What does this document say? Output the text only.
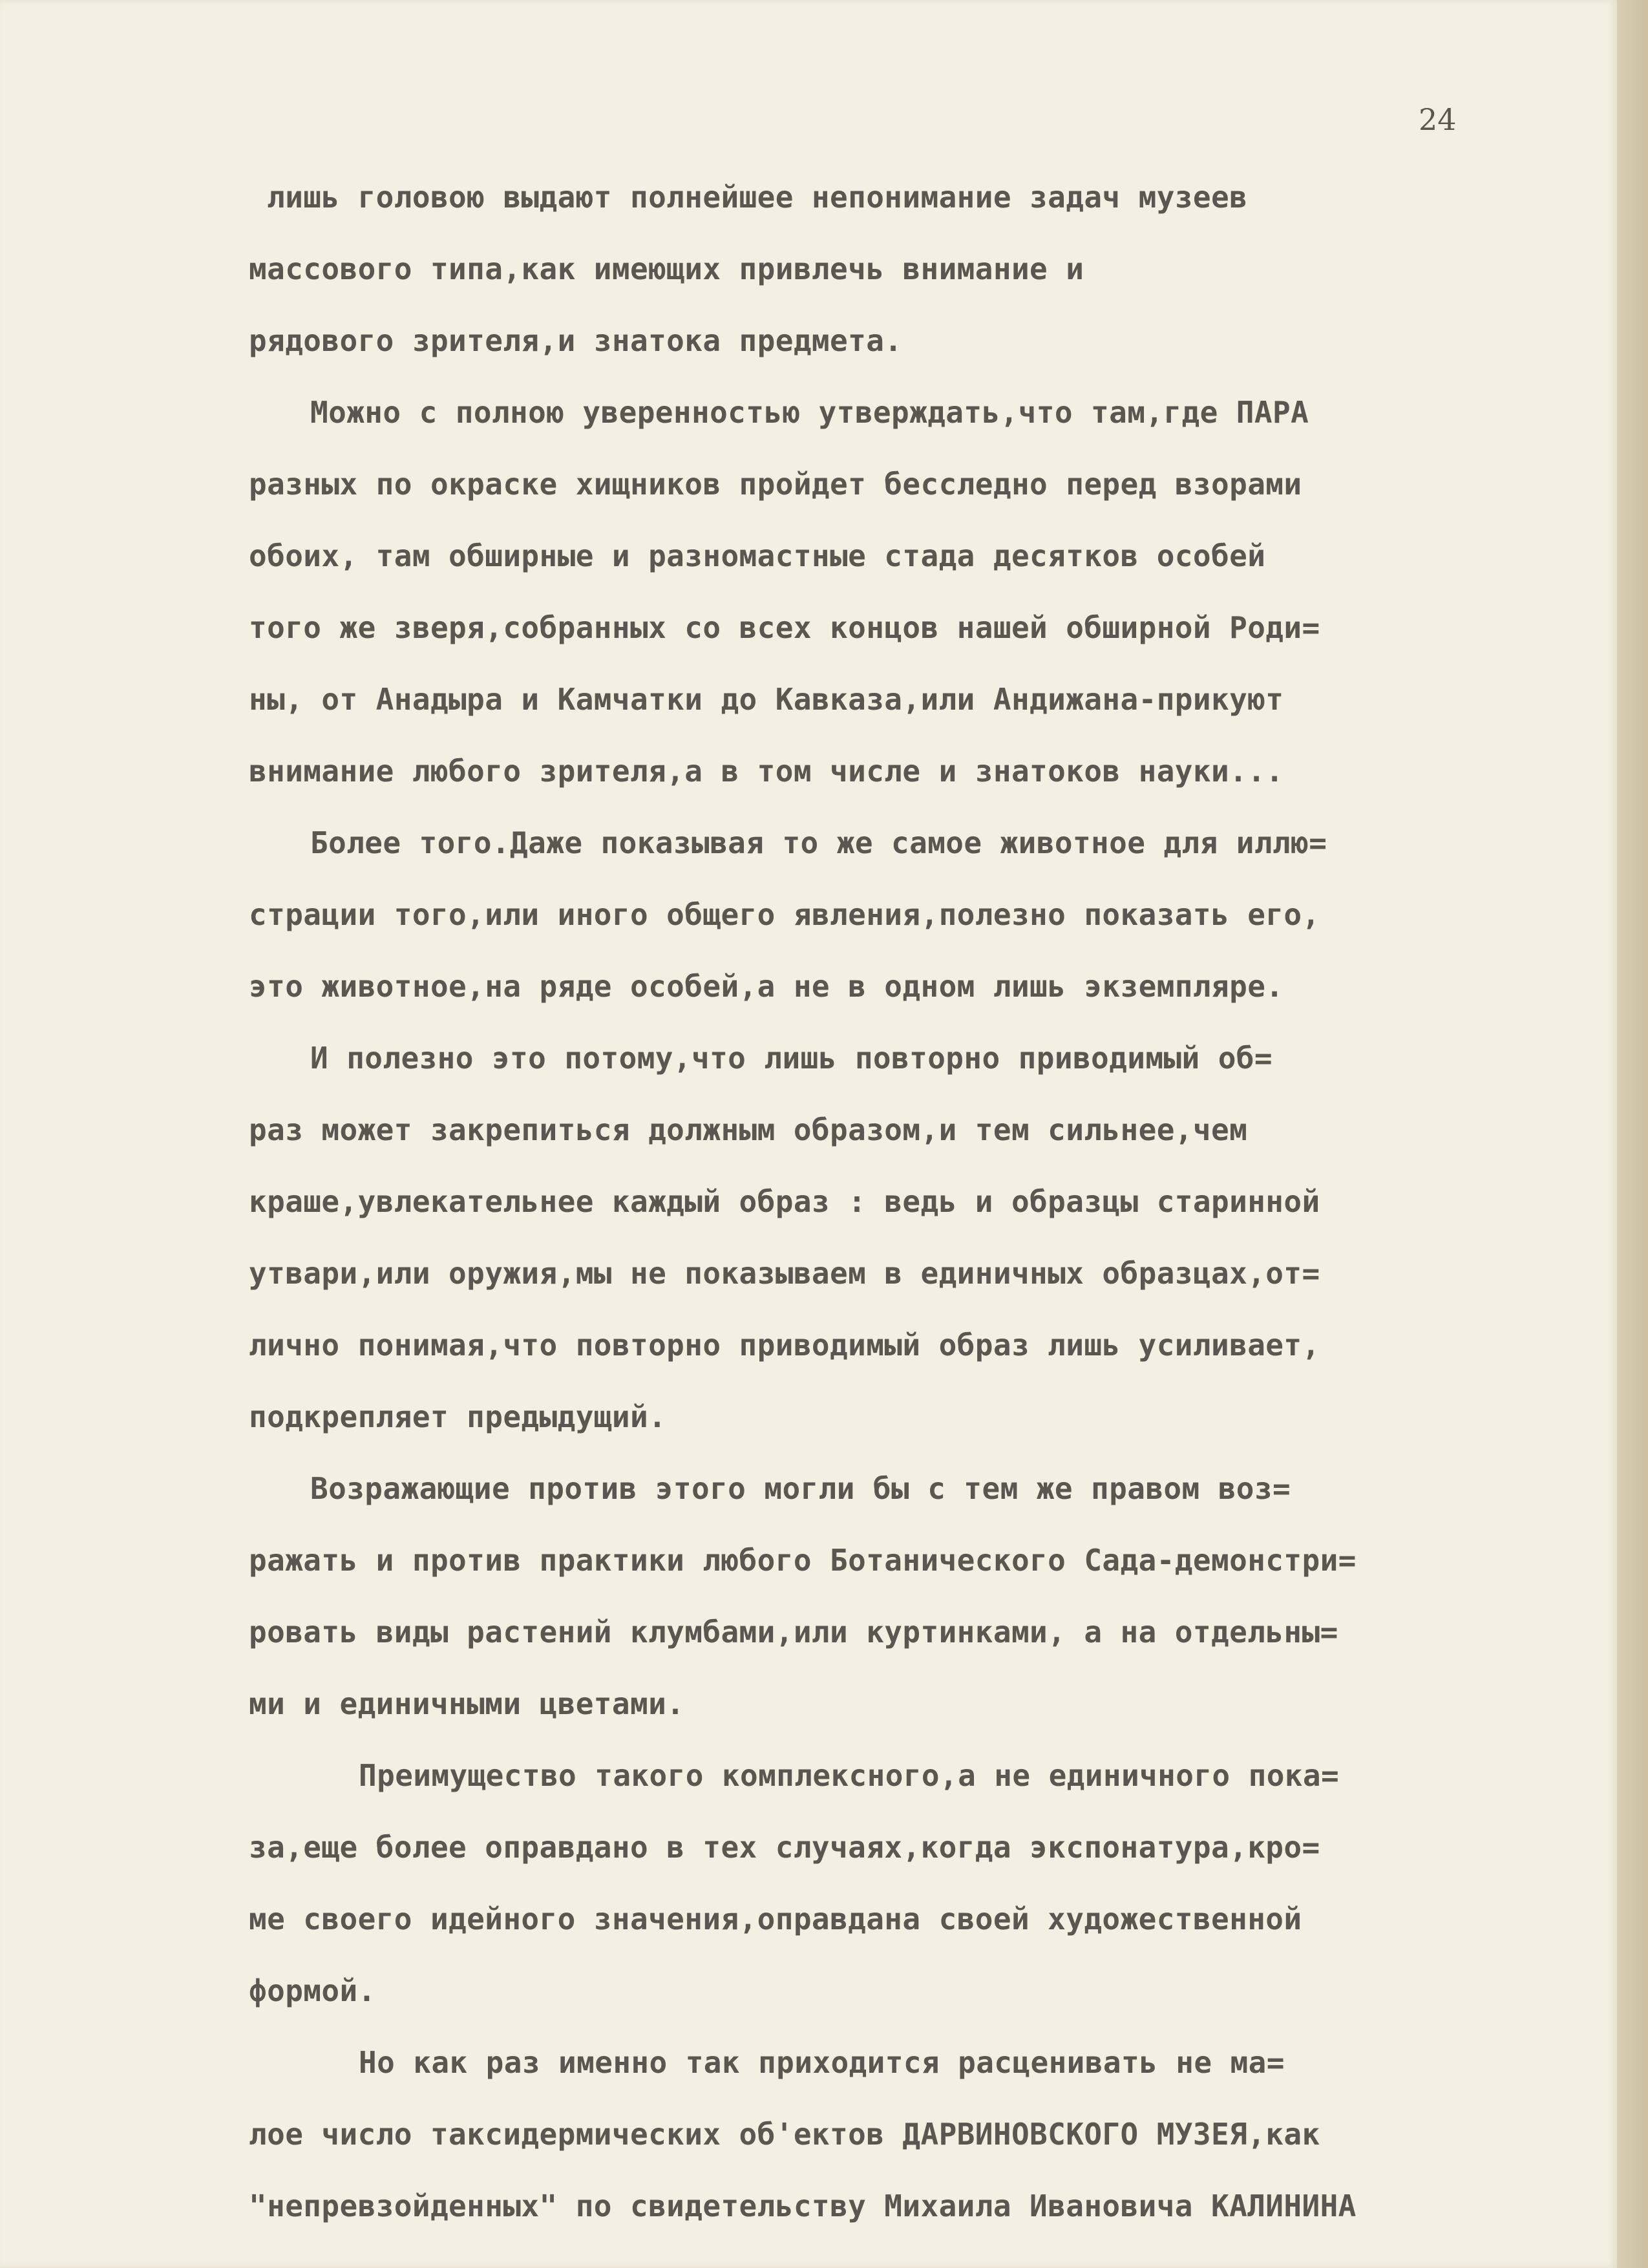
24
лишь головою выдают полнейшее непонимание задач музеев
массового типа,как имеющих привлечь внимание и
рядового зрителя,и знатока предмета.
Можно с полною уверенностью утверждать,что там,где ПАРА
разных по окраске хищников пройдет бесследно перед взорами
обоих, там обширные и разномастные стада десятков особей
того же зверя,собранных со всех концов нашей обширной Роди=
ны, от Анадыра и Камчатки до Кавказа,или Андижана-прикуют
внимание любого зрителя,а в том числе и знатоков науки...
Более того.Даже показывая то же самое животное для иллю=
страции того,или иного общего явления,полезно показать его,
это животное,на ряде особей,а не в одном лишь экземпляре.
И полезно это потому,что лишь повторно приводимый об=
раз может закрепиться должным образом,и тем сильнее,чем
краше,увлекательнее каждый образ : ведь и образцы старинной
утвари,или оружия,мы не показываем в единичных образцах,от=
лично понимая,что повторно приводимый образ лишь усиливает,
подкрепляет предыдущий.
Возражающие против этого могли бы с тем же правом воз=
ражать и против практики любого Ботанического Сада-демонстри=
ровать виды растений клумбами,или куртинками, а на отдельны=
ми и единичными цветами.
Преимущество такого комплексного,а не единичного пока=
за,еще более оправдано в тех случаях,когда экспонатура,кро=
ме своего идейного значения,оправдана своей художественной
формой.
Но как раз именно так приходится расценивать не ма=
лое число таксидермических об'ектов ДАРВИНОВСКОГО МУЗЕЯ,как
"непревзойденных" по свидетельству Михаила Ивановича КАЛИНИНА
